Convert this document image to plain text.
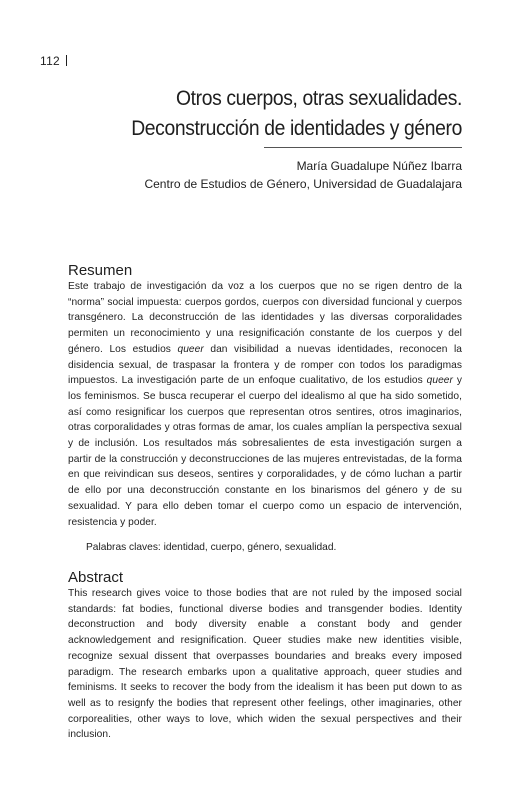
112
Otros cuerpos, otras sexualidades.
Deconstrucción de identidades y género
María Guadalupe Núñez Ibarra
Centro de Estudios de Género, Universidad de Guadalajara
Resumen

Este trabajo de investigación da voz a los cuerpos que no se rigen dentro de la “norma” social impuesta: cuerpos gordos, cuerpos con diversidad funcional y cuerpos transgénero. La deconstrucción de las identidades y las diversas corporalidades permiten un reconocimiento y una resignificación constante de los cuerpos y del género. Los estudios queer dan visibilidad a nuevas identidades, reconocen la disidencia sexual, de traspasar la frontera y de romper con todos los paradigmas impuestos. La investigación parte de un enfoque cualitativo, de los estudios queer y los feminismos. Se busca recuperar el cuerpo del idealismo al que ha sido sometido, así como resignificar los cuerpos que representan otros sentires, otros imaginarios, otras corporalidades y otras formas de amar, los cuales amplían la perspectiva sexual y de inclusión. Los resultados más sobresalientes de esta investigación surgen a partir de la construcción y deconstrucciones de las mujeres entrevistadas, de la forma en que reivindican sus deseos, sentires y corporalidades, y de cómo luchan a partir de ello por una deconstrucción constante en los binarismos del género y de su sexualidad. Y para ello deben tomar el cuerpo como un espacio de intervención, resistencia y poder.

Palabras claves: identidad, cuerpo, género, sexualidad.

Abstract

This research gives voice to those bodies that are not ruled by the imposed social standards: fat bodies, functional diverse bodies and transgender bodies. Identity deconstruction and body diversity enable a constant body and gender acknowledgement and resignification. Queer studies make new identities visible, recognize sexual dissent that overpasses boundaries and breaks every imposed paradigm. The research embarks upon a qualitative approach, queer studies and feminisms. It seeks to recover the body from the idealism it has been put down to as well as to resignfy the bodies that represent other feelings, other imaginaries, other corporealities, other ways to love, which widen the sexual perspectives and their inclusion.
